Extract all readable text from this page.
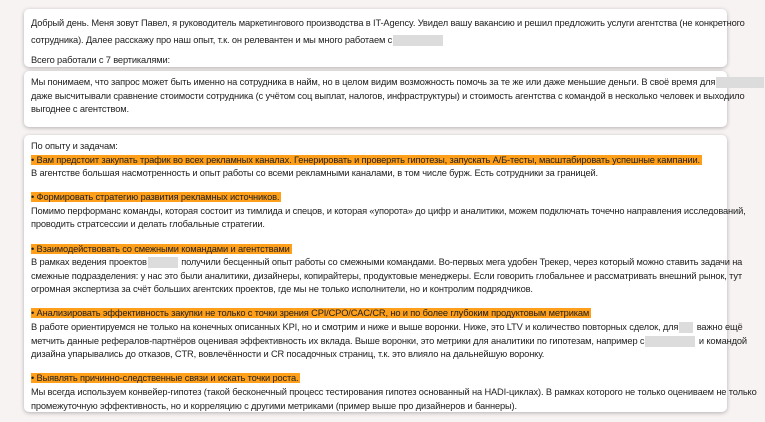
Добрый день. Меня зовут Павел, я руководитель маркетингового производства в IT-Agency. Увидел вашу вакансию и решил предложить услуги агентства (не конкретного
сотрудника). Далее расскажу про наш опыт, т.к. он релевантен и мы много работаем с
Всего работали с 7 вертикалями:
Мы понимаем, что запрос может быть именно на сотрудника в найм, но в целом видим возможность помочь за те же или даже меньшие деньги. В своё время для
даже высчитывали сравнение стоимости сотрудника (с учётом соц выплат, налогов, инфраструктуры) и стоимость агентства с командой в несколько человек и выходило
выгоднее с агентством.
По опыту и задачам:
• Вам предстоит закупать трафик во всех рекламных каналах. Генерировать и проверять гипотезы, запускать А/Б-тесты, масштабировать успешные кампании.
В агентстве большая насмотренность и опыт работы со всеми рекламными каналами, в том числе бурж. Есть сотрудники за границей.
• Формировать стратегию развития рекламных источников.
Помимо перформанс команды, которая состоит из тимлида и спецов, и которая «упорота» до цифр и аналитики, можем подключать точечно направления исследований,
проводить стратсессии и делать глобальные стратегии.
• Взаимодействовать со смежными командами и агентствами
В рамках ведения проектов	получили бесценный опыт работы со смежными командами. Во-первых мега удобен Трекер, через который можно ставить задачи на
смежные подразделения: у нас это были аналитики, дизайнеры, копирайтеры, продуктовые менеджеры. Если говорить глобальнее и рассматривать внешний рынок, тут
огромная экспертиза за счёт больших агентских проектов, где мы не только исполнители, но и контролим подрядчиков.
• Анализировать эффективность закупки не только с точки зрения CPI/CPO/CAC/CR, но и по более глубоким продуктовым метрикам
В работе ориентируемся не только на конечных описанных KPI, но и смотрим и ниже и выше воронки. Ниже, это LTV и количество повторных сделок, для важно ещё
метчить данные рефералов-партнёров оценивая эффективность их вклада. Выше воронки, это метрики для аналитики по гипотезам, например с	и командой
дизайна упарывались до отказов, CTR, вовлечённости и CR посадочных страниц, т.к. это влияло на дальнейшую воронку.
• Выявлять причинно-следственные связи и искать точки роста.
Мы всегда используем конвейер-гипотез (такой бесконечный процесс тестирования гипотез основанный на HADI-циклах). В рамках которого не только оцениваем не только
промежуточную эффективность, но и корреляцию с другими метриками (пример выше про дизайнеров и баннеры).
